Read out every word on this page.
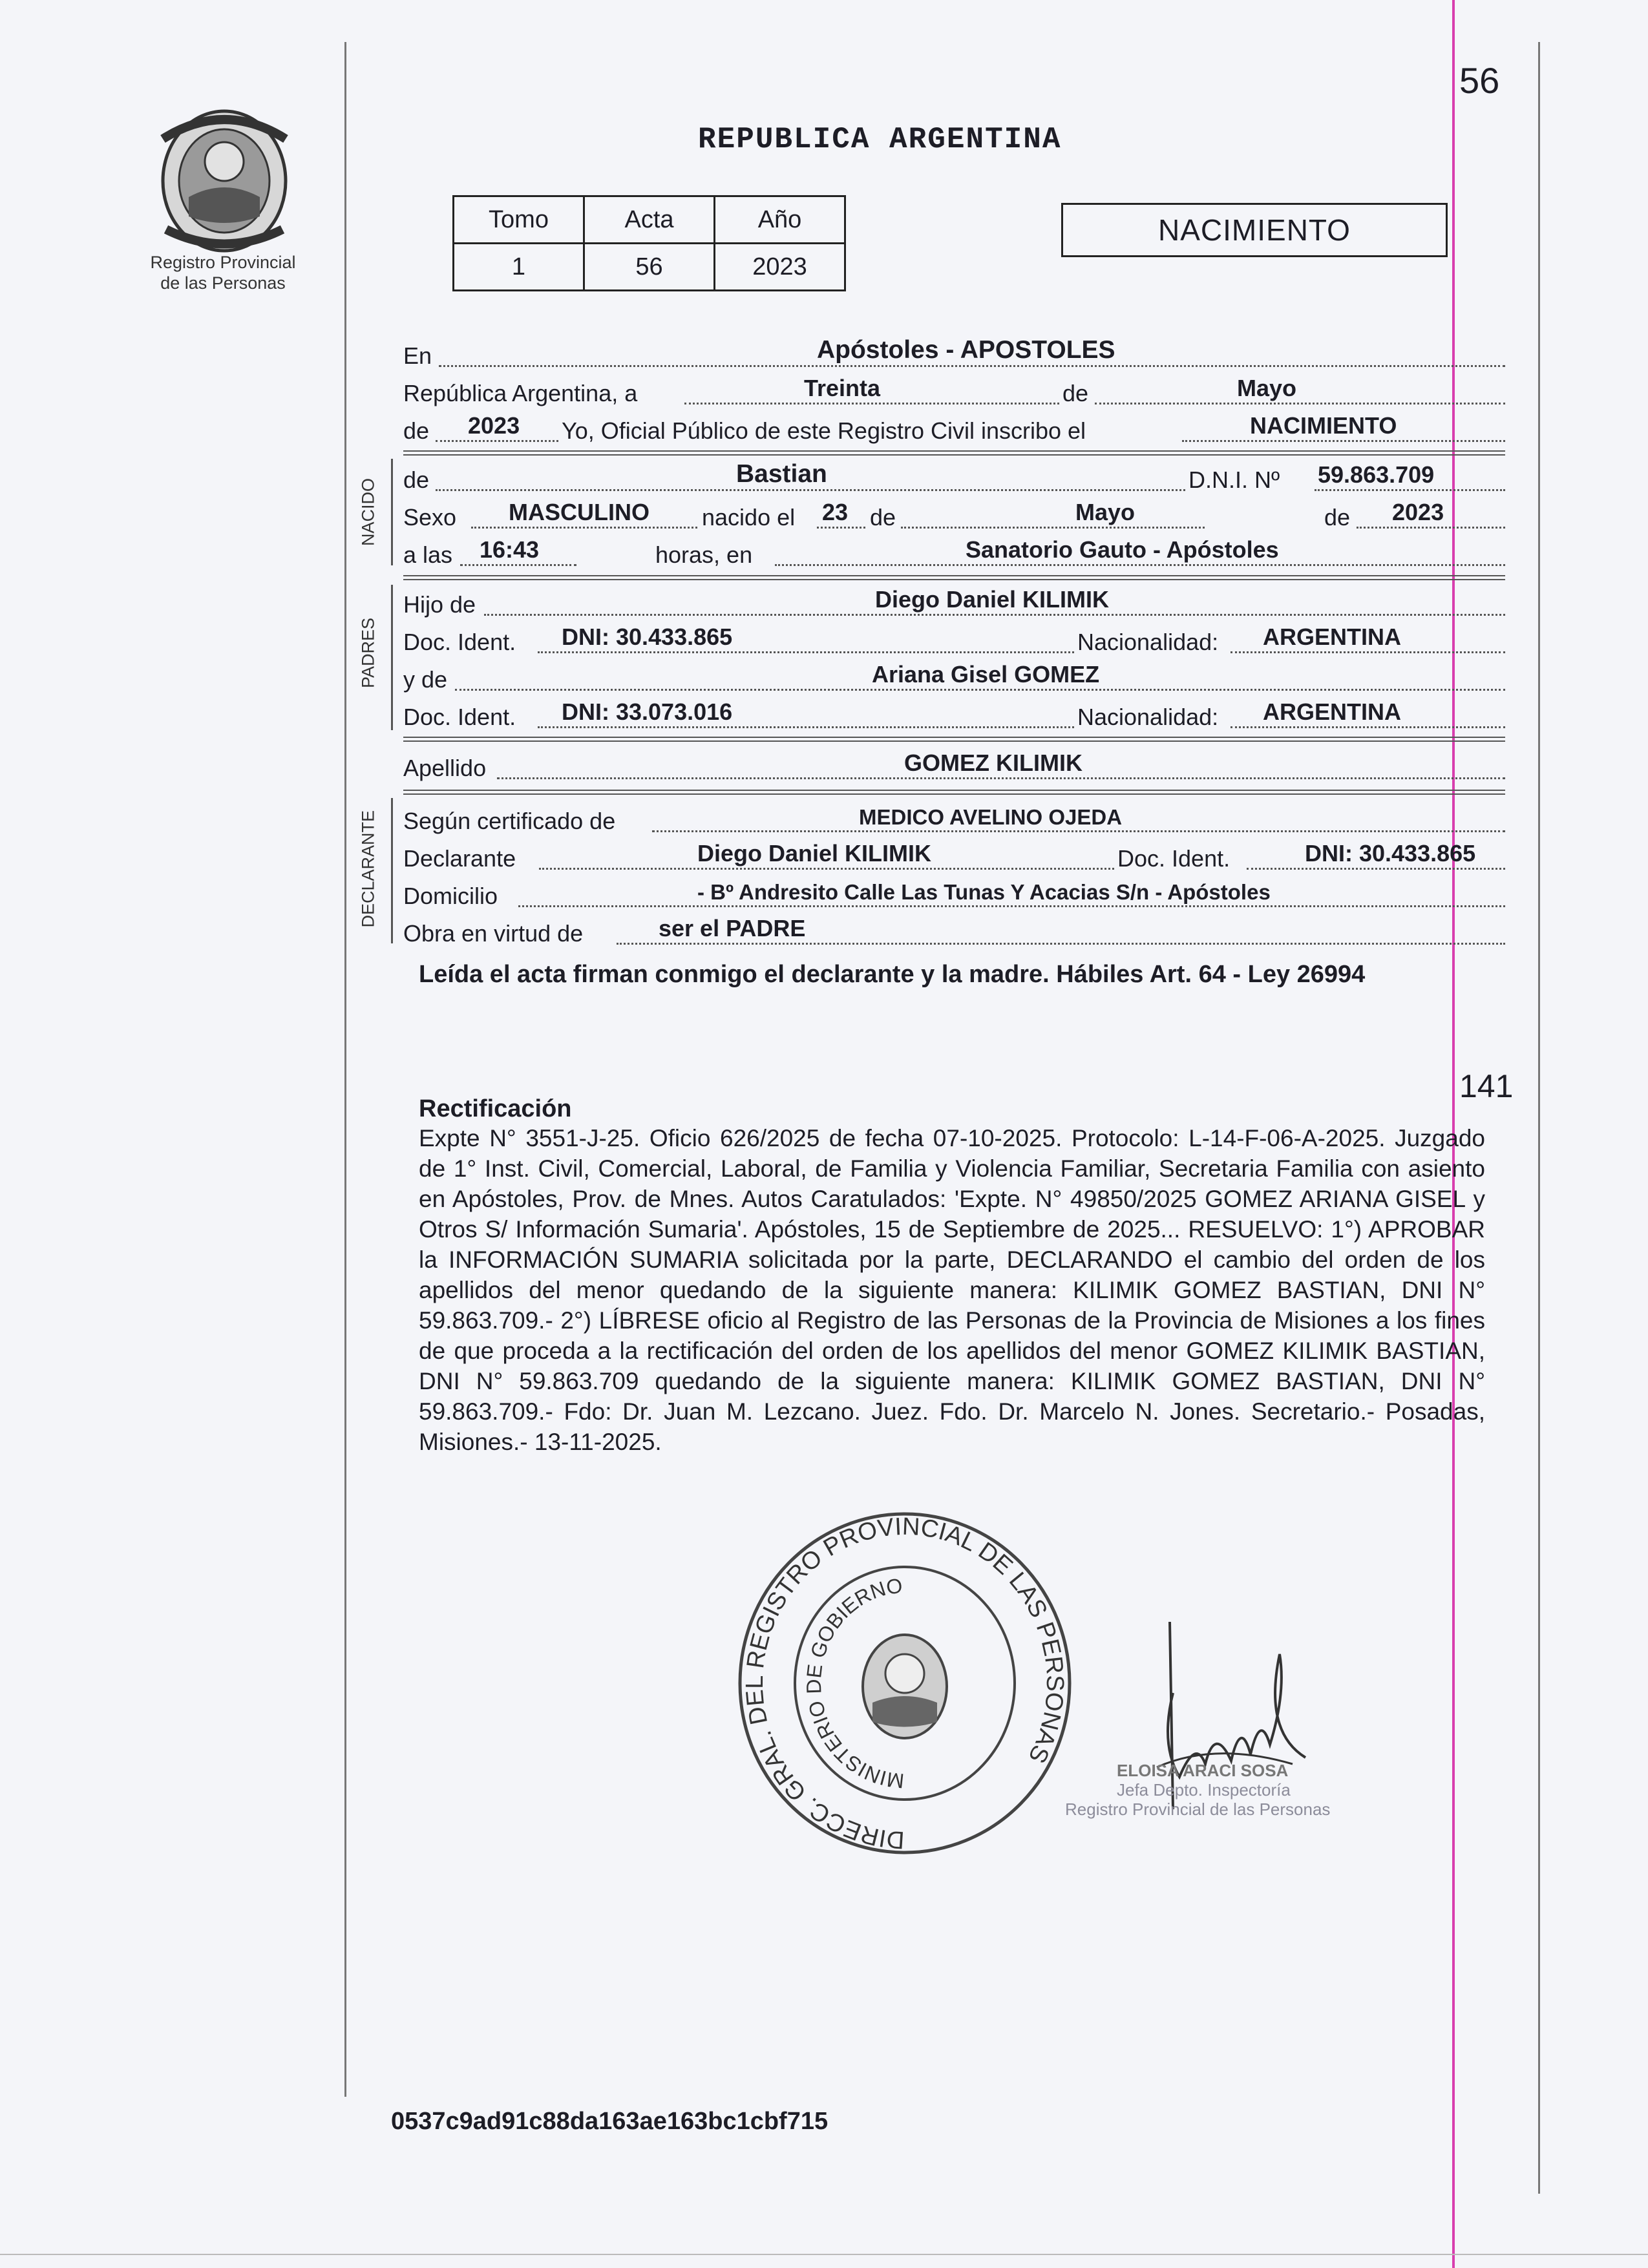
56
Registro Provincial
de las Personas
REPUBLICA ARGENTINA
Tomo	Acta	Año
1	56	2023
NACIMIENTO
En	Apóstoles - APOSTOLES
República Argentina, a	Treinta	de	Mayo
de 2023 Yo, Oficial Público de este Registro Civil inscribo el	NACIMIENTO
NACIDO de	Bastian	D.N.I. Nº 59.863.709
Sexo MASCULINO nacido el 23 de	Mayo	de 2023
a las 16:43	horas, en	Sanatorio Gauto - Apóstoles
PADRES
Hijo de	Diego Daniel KILIMIK
Doc. Ident. DNI: 30.433.865	Nacionalidad: ARGENTINA
y de	Ariana Gisel GOMEZ
Doc. Ident. DNI: 33.073.016	Nacionalidad: ARGENTINA
Apellido	GOMEZ KILIMIK
DECLARANTE Según certificado de	MEDICO AVELINO OJEDA
Declarante	Diego Daniel KILIMIK	Doc. Ident.	DNI: 30.433.865
Domicilio	- Bº Andresito Calle Las Tunas Y Acacias S/n - Apóstoles
Obra en virtud de	ser el PADRE
Leída el acta firman conmigo el declarante y la madre. Hábiles Art. 64 - Ley 26994
141
Rectificación
Expte N° 3551-J-25. Oficio 626/2025 de fecha 07-10-2025. Protocolo: L-14-F-06-A-2025. Juzgado de 1° Inst. Civil, Comercial, Laboral, de Familia y Violencia Familiar, Secretaria Familia con asiento en Apóstoles, Prov. de Mnes. Autos Caratulados: 'Expte. N° 49850/2025 GOMEZ ARIANA GISEL y Otros S/ Información Sumaria'. Apóstoles, 15 de Septiembre de 2025... RESUELVO: 1°) APROBAR la INFORMACIÓN SUMARIA solicitada por la parte, DECLARANDO el cambio del orden de los apellidos del menor quedando de la siguiente manera: KILIMIK GOMEZ BASTIAN, DNI N° 59.863.709.- 2°) LÍBRESE oficio al Registro de las Personas de la Provincia de Misiones a los fines de que proceda a la rectificación del orden de los apellidos del menor GOMEZ KILIMIK BASTIAN, DNI N° 59.863.709 quedando de la siguiente manera: KILIMIK GOMEZ BASTIAN, DNI N° 59.863.709.- Fdo: Dr. Juan M. Lezcano. Juez. Fdo. Dr. Marcelo N. Jones. Secretario.- Posadas, Misiones.- 13-11-2025.
DIRECC. GRAL. DEL REGISTRO PROVINCIAL DE LAS PERSONAS
MINISTERIO DE GOBIERNO
ELOISA ARACI SOSA
Jefa Depto. Inspectoría
Registro Provincial de las Personas
0537c9ad91c88da163ae163bc1cbf715
